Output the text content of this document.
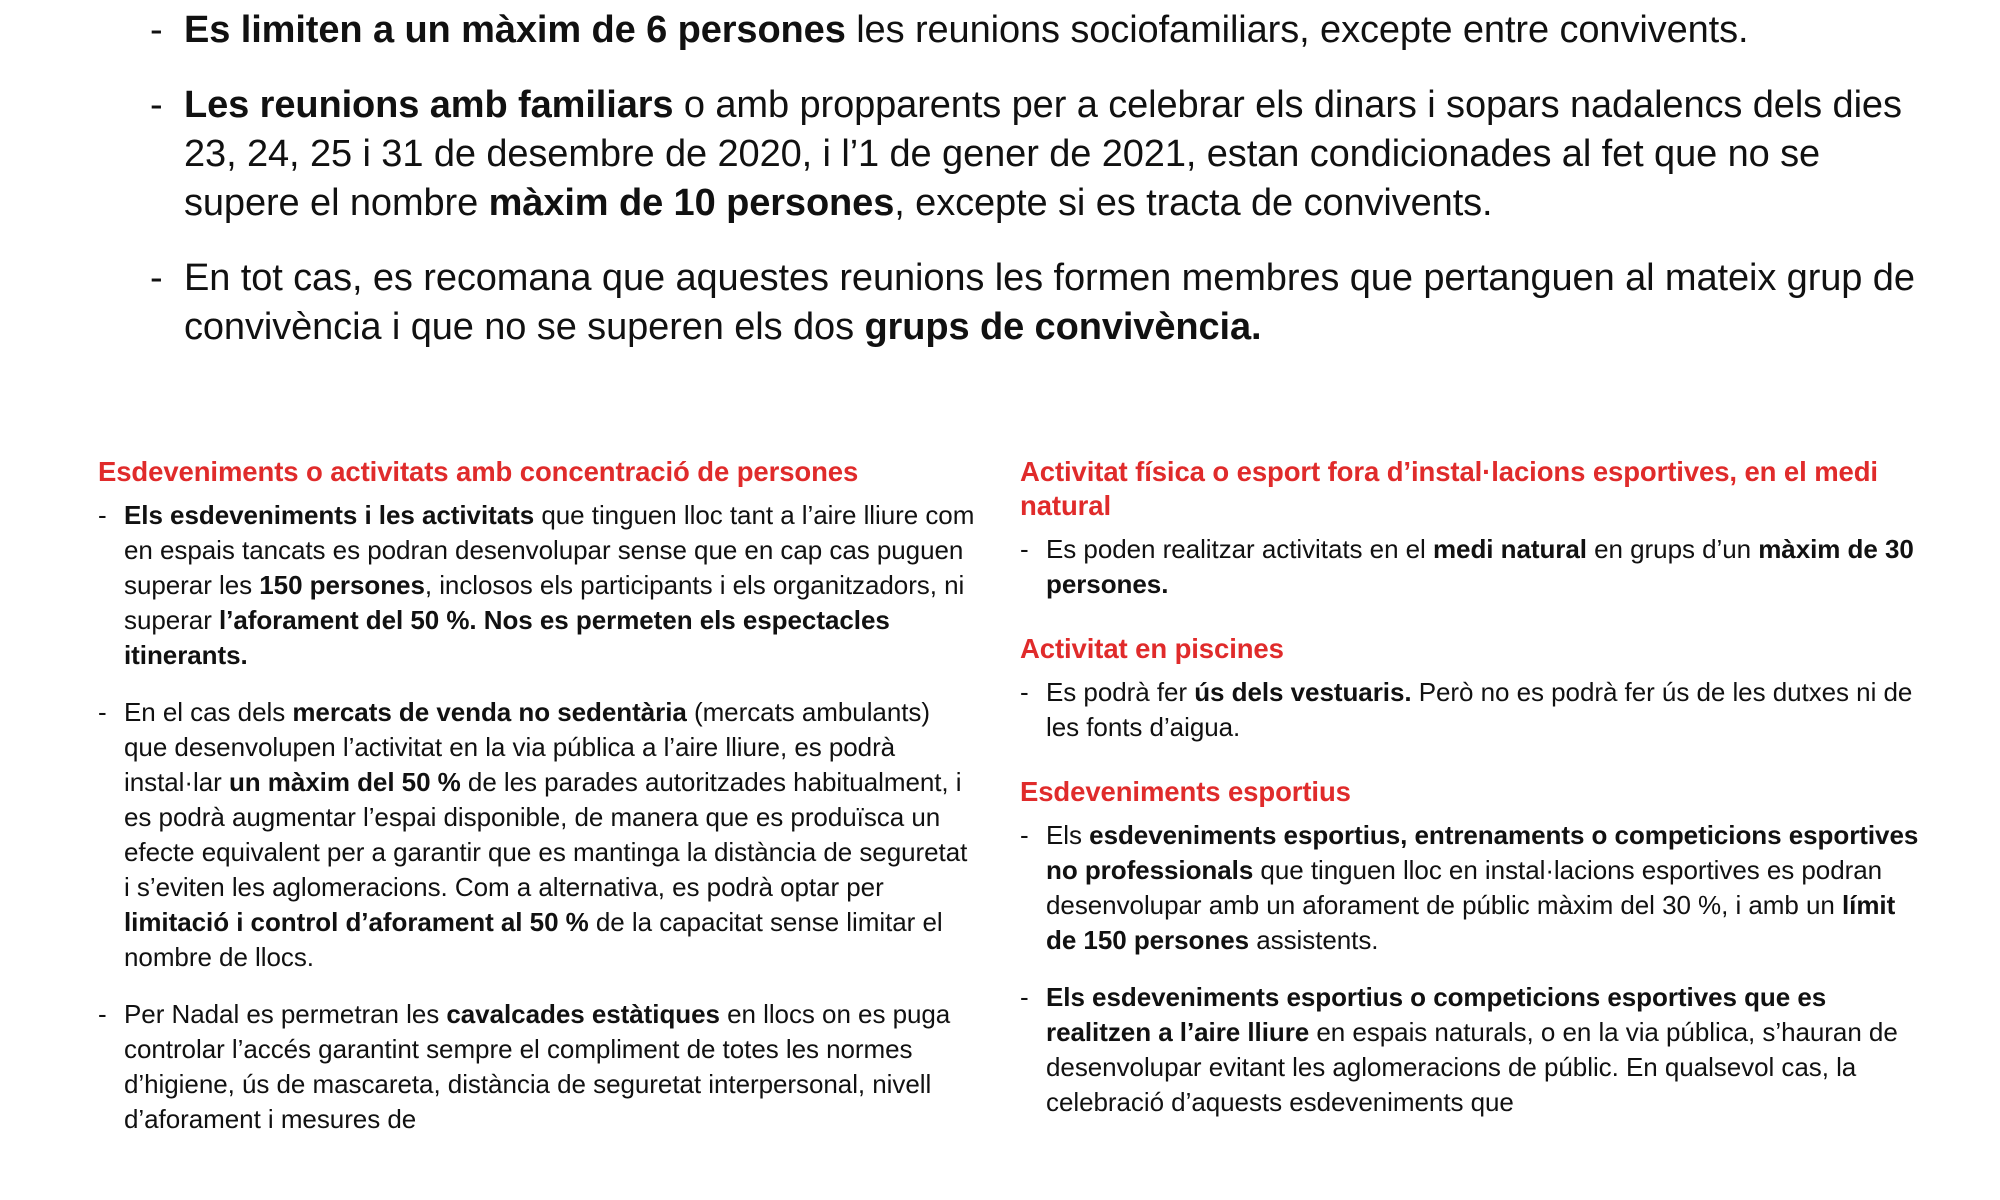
- Es limiten a un màxim de 6 persones les reunions sociofamiliars, excepte entre convivents.
- Les reunions amb familiars o amb propparents per a celebrar els dinars i sopars nadalencs dels dies 23, 24, 25 i 31 de desembre de 2020, i l’1 de gener de 2021, estan condicionades al fet que no se supere el nombre màxim de 10 persones, excepte si es tracta de convivents.
- En tot cas, es recomana que aquestes reunions les formen membres que pertanguen al mateix grup de convivència i que no se superen els dos grups de convivència.
Esdeveniments o activitats amb concentració de persones
- Els esdeveniments i les activitats que tinguen lloc tant a l’aire lliure com en espais tancats es podran desenvolupar sense que en cap cas puguen superar les 150 persones, inclosos els participants i els organitzadors, ni superar l’aforament del 50 %. Nos es permeten els espectacles itinerants.
- En el cas dels mercats de venda no sedentària (mercats ambulants) que desenvolupen l’activitat en la via pública a l’aire lliure, es podrà instal·lar un màxim del 50 % de les parades autoritzades habitualment, i es podrà augmentar l’espai disponible, de manera que es produïsca un efecte equivalent per a garantir que es mantinga la distància de seguretat i s’eviten les aglomeracions. Com a alternativa, es podrà optar per limitació i control d’aforament al 50 % de la capacitat sense limitar el nombre de llocs.
- Per Nadal es permetran les cavalcades estàtiques en llocs on es puga controlar l’accés garantint sempre el compliment de totes les normes d’higiene, ús de mascareta, distància de seguretat interpersonal, nivell d’aforament i mesures de
Activitat física o esport fora d’instal·lacions esportives, en el medi natural
- Es poden realitzar activitats en el medi natural en grups d’un màxim de 30 persones.
Activitat en piscines
- Es podrà fer ús dels vestuaris. Però no es podrà fer ús de les dutxes ni de les fonts d’aigua.
Esdeveniments esportius
- Els esdeveniments esportius, entrenaments o competicions esportives no professionals que tinguen lloc en instal·lacions esportives es podran desenvolupar amb un aforament de públic màxim del 30 %, i amb un límit de 150 persones assistents.
- Els esdeveniments esportius o competicions esportives que es realitzen a l’aire lliure en espais naturals, o en la via pública, s’hauran de desenvolupar evitant les aglomeracions de públic. En qualsevol cas, la celebració d’aquests esdeveniments que
